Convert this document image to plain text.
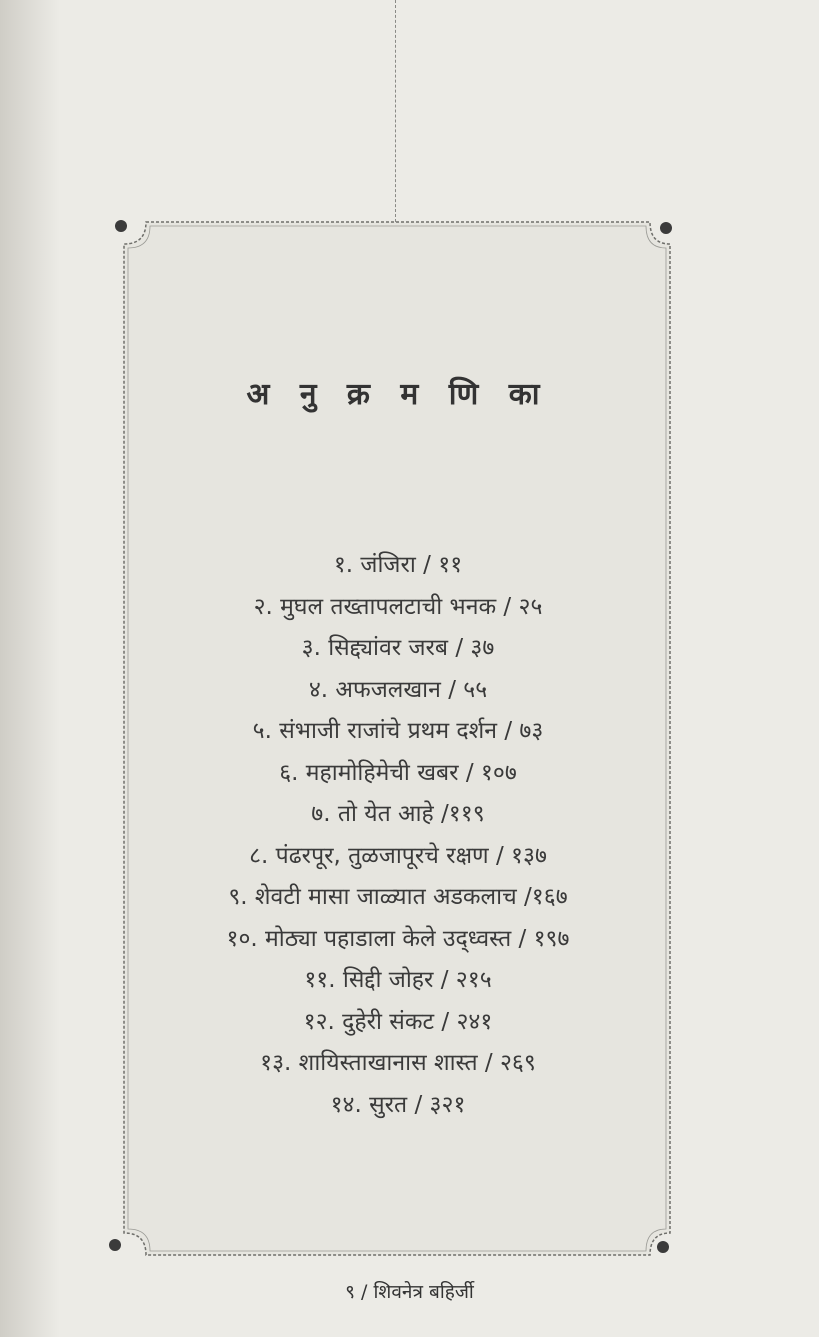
अ नु क्र म णि का
१. जंजिरा / ११
२. मुघल तख्तापलटाची भनक / २५
३. सिद्द्यांवर जरब / ३७
४. अफजलखान / ५५
५. संभाजी राजांचे प्रथम दर्शन / ७३
६. महामोहिमेची खबर / १०७
७. तो येत आहे /११९
८. पंढरपूर, तुळजापूरचे रक्षण / १३७
९. शेवटी मासा जाळ्यात अडकलाच /१६७
१०. मोठ्या पहाडाला केले उद्ध्वस्त / १९७
११. सिद्दी जोहर / २१५
१२. दुहेरी संकट / २४१
१३. शायिस्ताखानास शास्त / २६९
१४. सुरत / ३२१
९ / शिवनेत्र बहिर्जी
